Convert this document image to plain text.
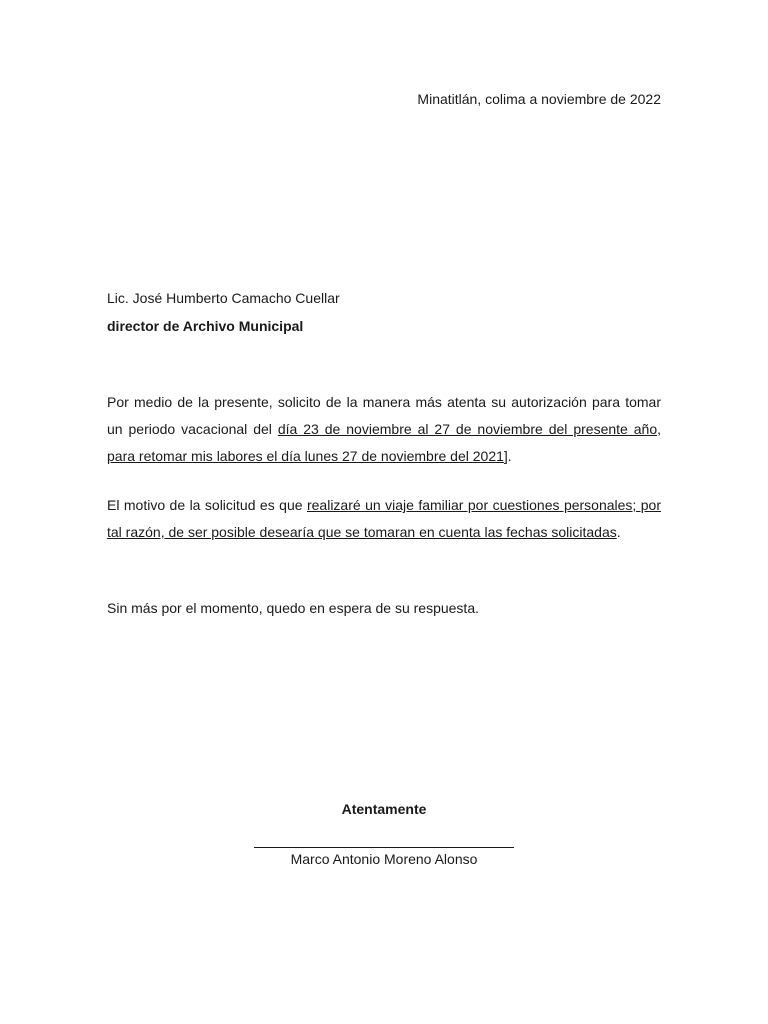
Minatitlán, colima a noviembre de 2022
Lic. José Humberto Camacho Cuellar
director de Archivo Municipal

Por medio de la presente, solicito de la manera más atenta su autorización para tomar un periodo vacacional del día 23 de noviembre al 27 de noviembre del presente año, para retomar mis labores el día lunes 27 de noviembre del 2021].

El motivo de la solicitud es que realizaré un viaje familiar por cuestiones personales; por tal razón, de ser posible desearía que se tomaran en cuenta las fechas solicitadas.

Sin más por el momento, quedo en espera de su respuesta.

Atentamente
Marco Antonio Moreno Alonso
